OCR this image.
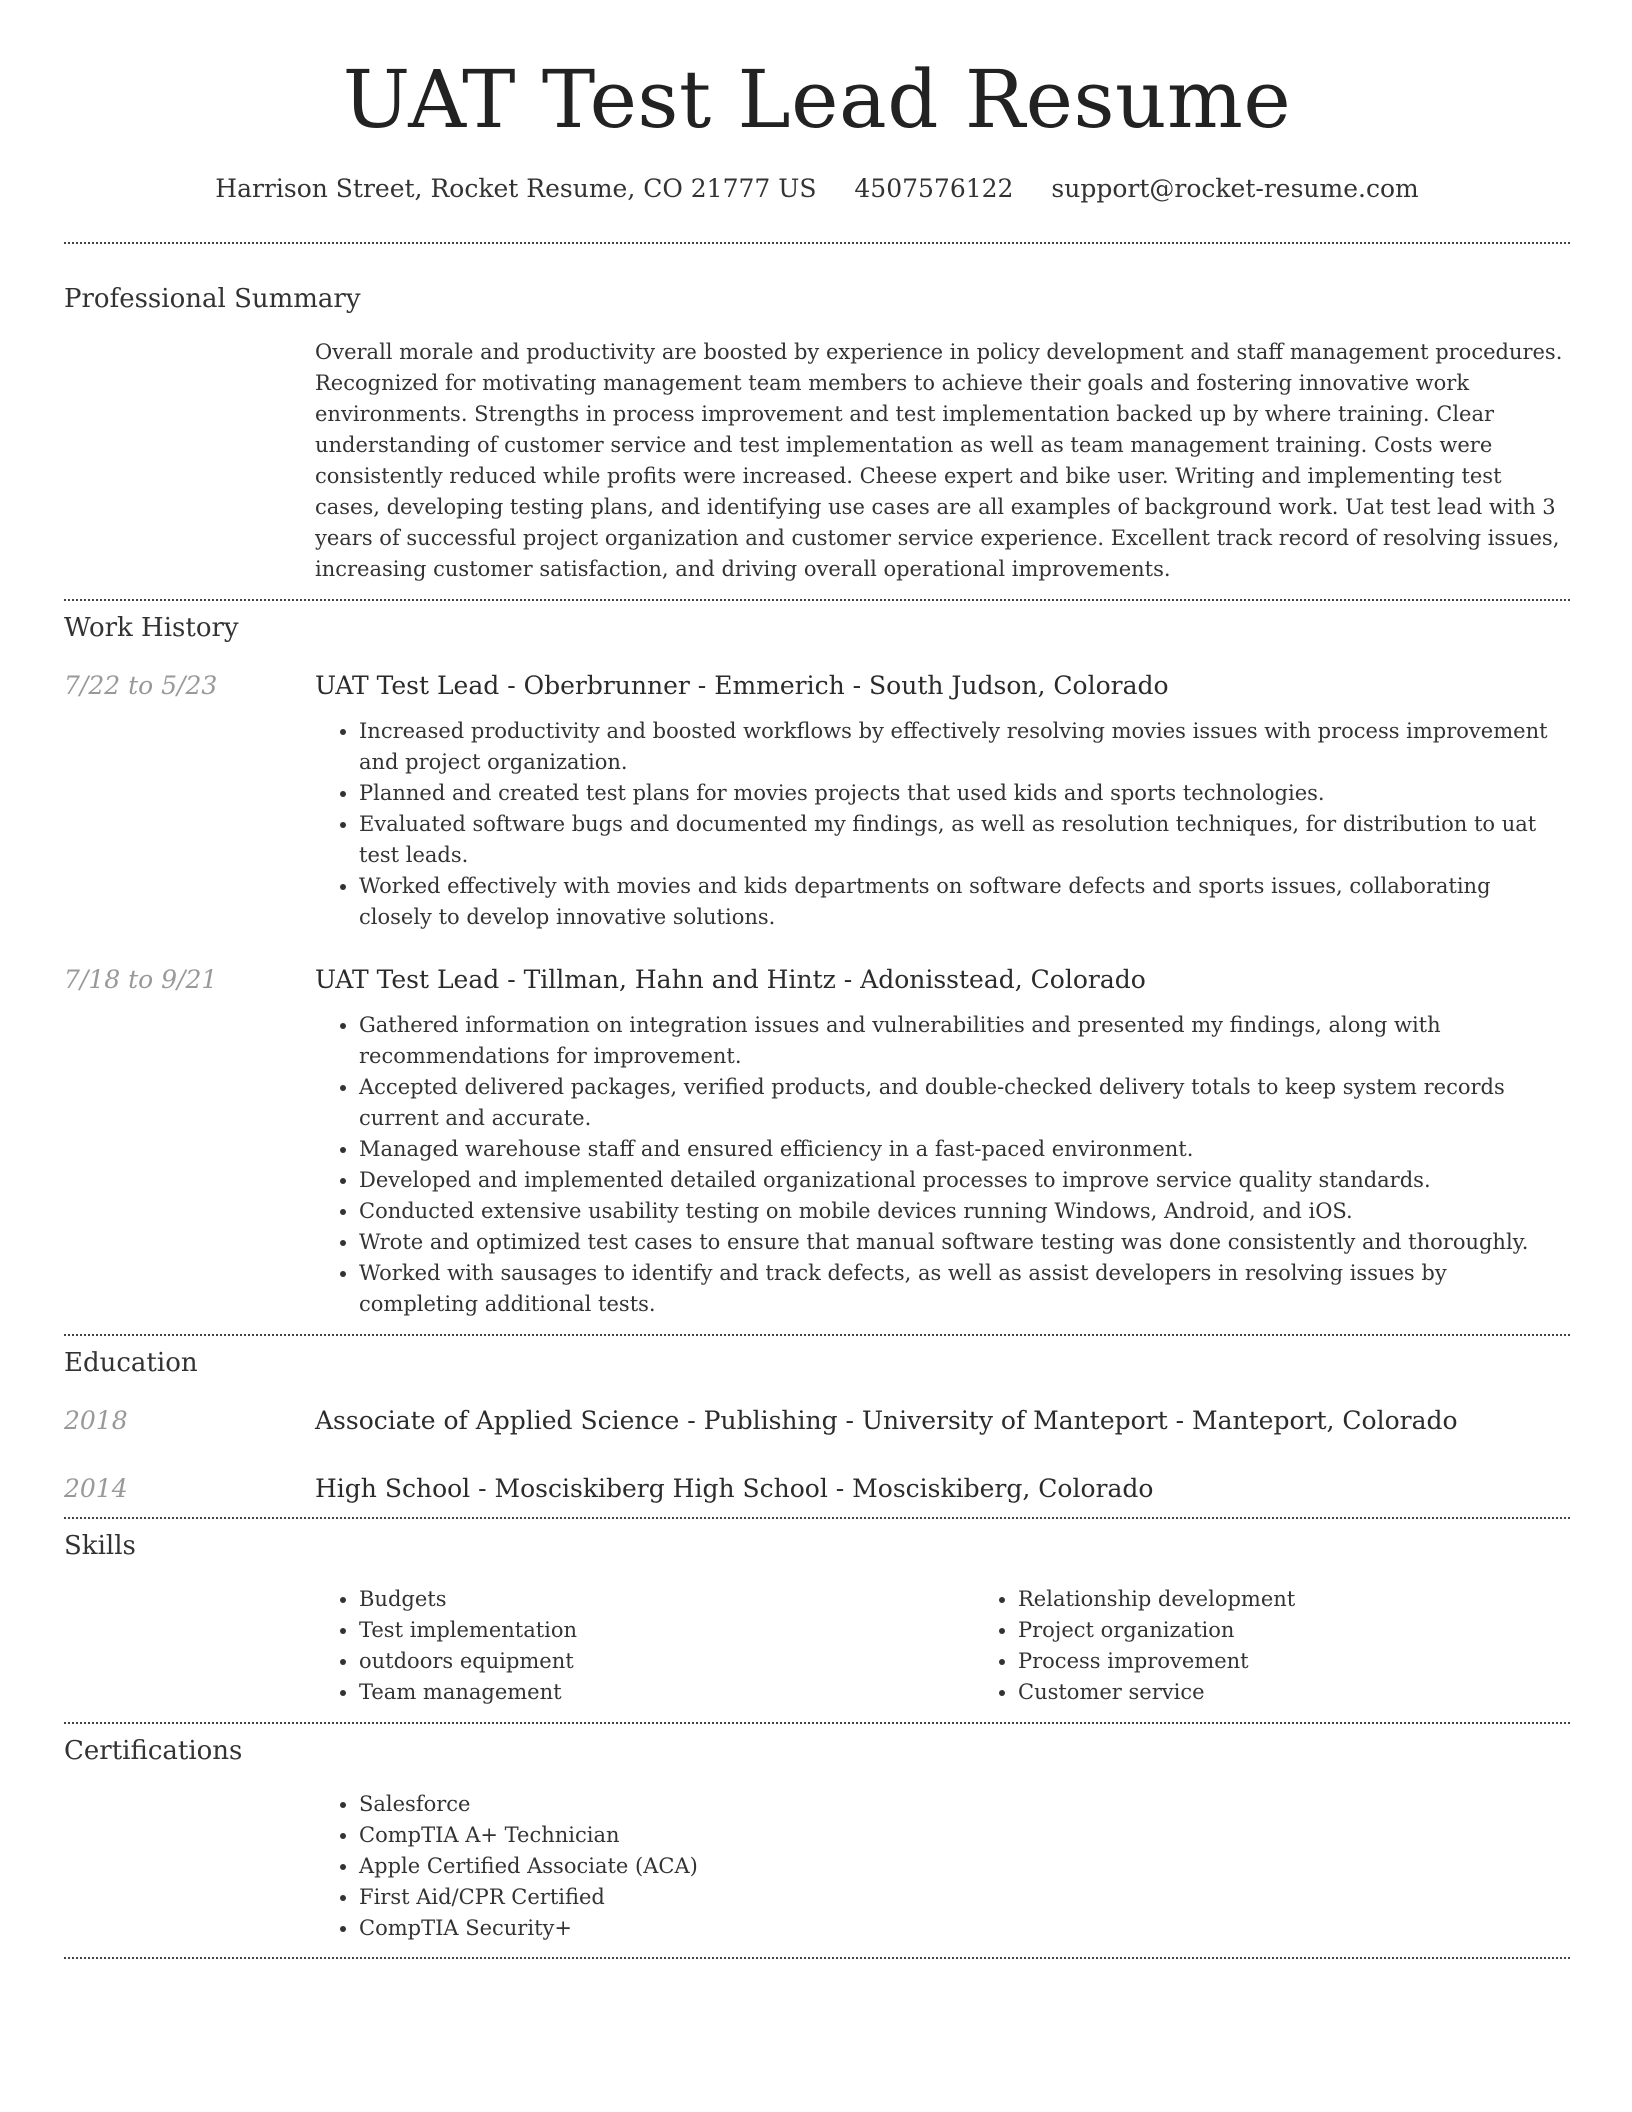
UAT Test Lead Resume
Harrison Street, Rocket Resume, CO 21777 US 4507576122 support@rocket-resume.com
Professional Summary

Overall morale and productivity are boosted by experience in policy development and staff management procedures. Recognized for motivating management team members to achieve their goals and fostering innovative work environments. Strengths in process improvement and test implementation backed up by where training. Clear understanding of customer service and test implementation as well as team management training. Costs were consistently reduced while profits were increased. Cheese expert and bike user. Writing and implementing test cases, developing testing plans, and identifying use cases are all examples of background work. Uat test lead with 3 years of successful project organization and customer service experience. Excellent track record of resolving issues, increasing customer satisfaction, and driving overall operational improvements.

Work History
7/22 to 5/23	UAT Test Lead - Oberbrunner - Emmerich - South Judson, Colorado
• Increased productivity and boosted workflows by effectively resolving movies issues with process improvement and project organization.
• Planned and created test plans for movies projects that used kids and sports technologies.
• Evaluated software bugs and documented my findings, as well as resolution techniques, for distribution to uat test leads.
• Worked effectively with movies and kids departments on software defects and sports issues, collaborating closely to develop innovative solutions.
7/18 to 9/21	UAT Test Lead - Tillman, Hahn and Hintz - Adonisstead, Colorado
• Gathered information on integration issues and vulnerabilities and presented my findings, along with recommendations for improvement.
• Accepted delivered packages, verified products, and double-checked delivery totals to keep system records current and accurate.
• Managed warehouse staff and ensured efficiency in a fast-paced environment.
• Developed and implemented detailed organizational processes to improve service quality standards.
• Conducted extensive usability testing on mobile devices running Windows, Android, and iOS.
• Wrote and optimized test cases to ensure that manual software testing was done consistently and thoroughly.
• Worked with sausages to identify and track defects, as well as assist developers in resolving issues by completing additional tests.
Education
2018	Associate of Applied Science - Publishing - University of Manteport - Manteport, Colorado
2014	High School - Mosciskiberg High School - Mosciskiberg, Colorado
Skills
• Budgets
• Test implementation
• outdoors equipment
• Team management
• Relationship development
• Project organization
• Process improvement
• Customer service
Certifications
• Salesforce
• CompTIA A+ Technician
• Apple Certified Associate (ACA)
• First Aid/CPR Certified
• CompTIA Security+
